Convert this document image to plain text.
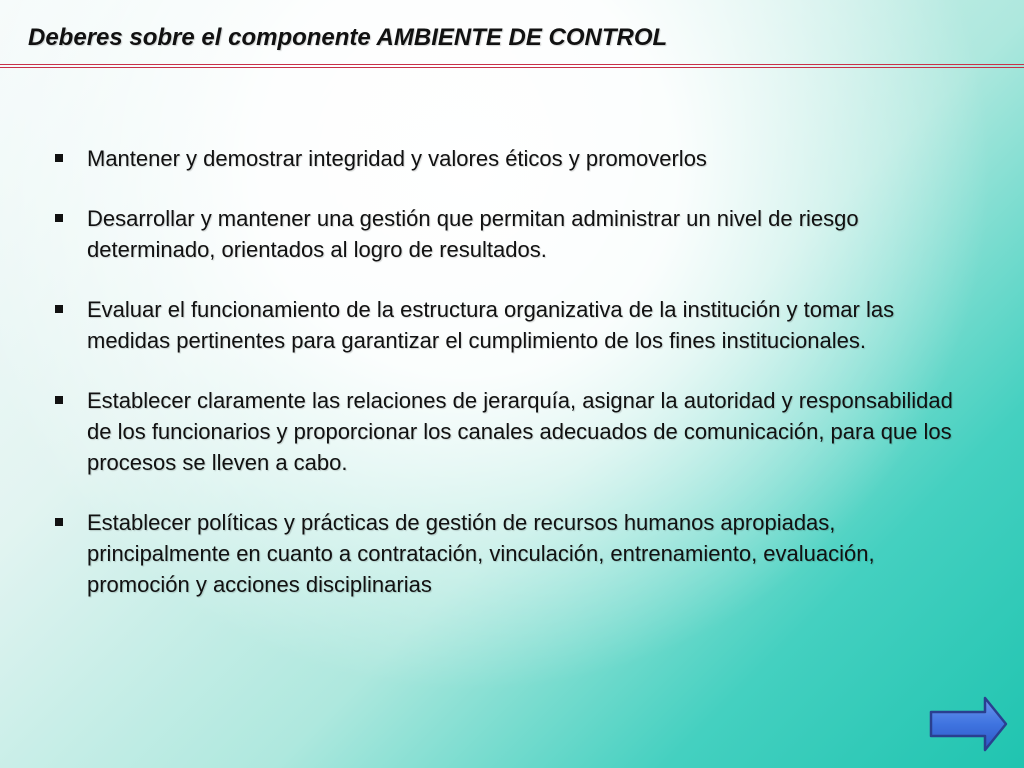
Deberes sobre el componente AMBIENTE DE CONTROL
Mantener y demostrar integridad y valores éticos y promoverlos
Desarrollar y mantener una gestión que permitan administrar un nivel de riesgo determinado, orientados al logro de resultados.
Evaluar el funcionamiento de la estructura organizativa de la institución y tomar las medidas pertinentes para garantizar el cumplimiento de los fines institucionales.
Establecer claramente las relaciones de jerarquía, asignar la autoridad y responsabilidad de los funcionarios y proporcionar los canales adecuados de comunicación, para que los procesos se lleven a cabo.
Establecer políticas y prácticas de gestión de recursos humanos apropiadas, principalmente en cuanto a contratación, vinculación, entrenamiento, evaluación, promoción y acciones disciplinarias
